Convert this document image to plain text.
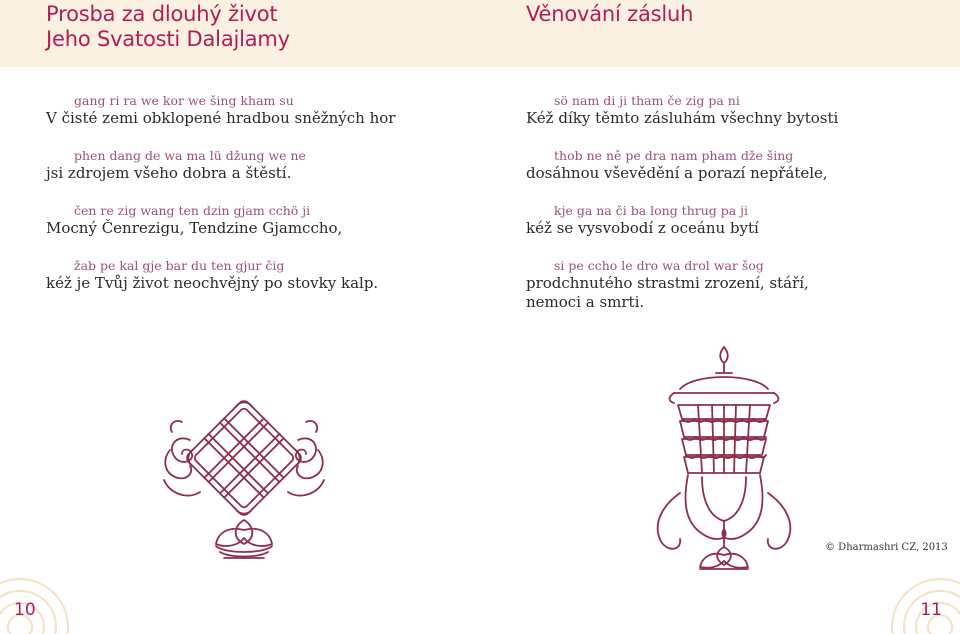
Prosba za dlouhý život
Jeho Svatosti Dalajlamy
gang ri ra we kor we šing kham su
V čisté zemi obklopené hradbou sněžných hor
phen dang de wa ma lü džung we ne
jsi zdrojem všeho dobra a štěstí.
čen re zig wang ten dzin gjam cchö ji
Mocný Čenrezigu, Tendzine Gjamccho,
žab pe kal gje bar du ten gjur čig
kéž je Tvůj život neochvějný po stovky kalp.
10
Věnování zásluh
sö nam di ji tham če zig pa ni
Kéž díky těmto zásluhám všechny bytosti
thob ne ně pe dra nam pham dže šing
dosáhnou vševědění a porazí nepřátele,
kje ga na či ba long thrug pa ji
kéž se vysvobodí z oceánu bytí
si pe ccho le dro wa drol war šog
prodchnutého strastmi zrození, stáří,
nemoci a smrti.
© Dharmashri CZ, 2013
11
